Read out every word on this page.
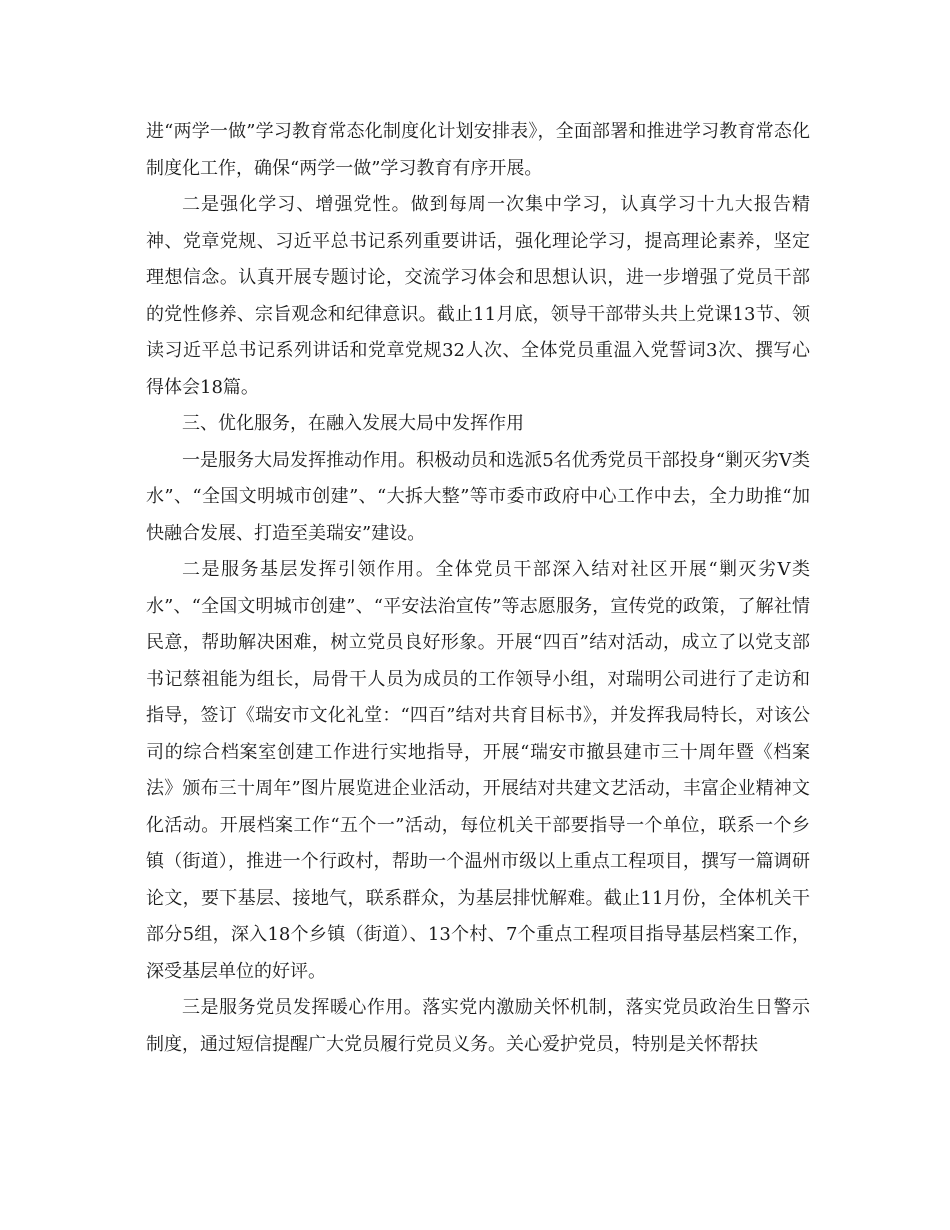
进“两学一做”学习教育常态化制度化计划安排表》，全面部署和推进学习教育常态化制度化工作，确保“两学一做”学习教育有序开展。

二是强化学习、增强党性。做到每周一次集中学习，认真学习十九大报告精神、党章党规、习近平总书记系列重要讲话，强化理论学习，提高理论素养，坚定理想信念。认真开展专题讨论，交流学习体会和思想认识，进一步增强了党员干部的党性修养、宗旨观念和纪律意识。截止11月底，领导干部带头共上党课13节、领读习近平总书记系列讲话和党章党规32人次、全体党员重温入党誓词3次、撰写心得体会18篇。

三、优化服务，在融入发展大局中发挥作用

一是服务大局发挥推动作用。积极动员和选派5名优秀党员干部投身“剿灭劣Ⅴ类水”、“全国文明城市创建”、“大拆大整”等市委市政府中心工作中去，全力助推“加快融合发展、打造至美瑞安”建设。

二是服务基层发挥引领作用。全体党员干部深入结对社区开展“剿灭劣Ⅴ类水”、“全国文明城市创建”、“平安法治宣传”等志愿服务，宣传党的政策，了解社情民意，帮助解决困难，树立党员良好形象。开展“四百”结对活动，成立了以党支部书记蔡祖能为组长，局骨干人员为成员的工作领导小组，对瑞明公司进行了走访和指导，签订《瑞安市文化礼堂：“四百”结对共育目标书》，并发挥我局特长，对该公司的综合档案室创建工作进行实地指导，开展“瑞安市撤县建市三十周年暨《档案法》颁布三十周年”图片展览进企业活动，开展结对共建文艺活动，丰富企业精神文化活动。开展档案工作“五个一”活动，每位机关干部要指导一个单位，联系一个乡镇（街道），推进一个行政村，帮助一个温州市级以上重点工程项目，撰写一篇调研论文，要下基层、接地气，联系群众，为基层排忧解难。截止11月份，全体机关干部分5组，深入18个乡镇（街道）、13个村、7个重点工程项目指导基层档案工作，深受基层单位的好评。

三是服务党员发挥暖心作用。落实党内激励关怀机制，落实党员政治生日警示制度，通过短信提醒广大党员履行党员义务。关心爱护党员，特别是关怀帮扶
